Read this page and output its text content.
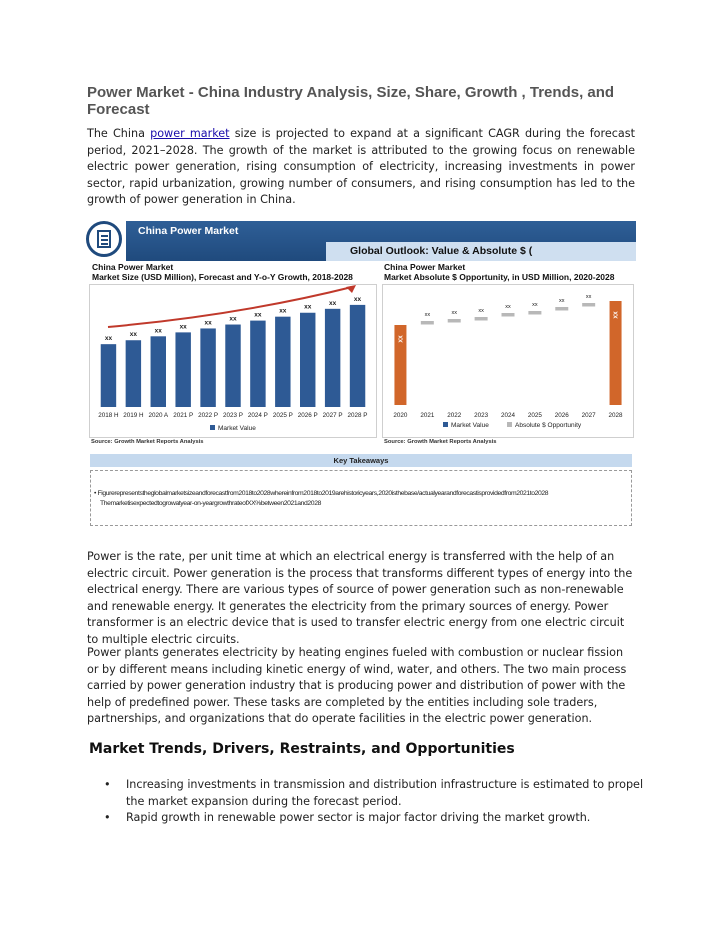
Power Market - China Industry Analysis, Size, Share, Growth , Trends, and Forecast
The China power market size is projected to expand at a significant CAGR during the forecast period, 2021–2028. The growth of the market is attributed to the growing focus on renewable electric power generation, rising consumption of electricity, increasing investments in power sector, rapid urbanization, growing number of consumers, and rising consumption has led to the growth of power generation in China.
China Power Market
Global Outlook: Value & Absolute $ (
China Power Market
Market Size (USD Million), Forecast and Y-o-Y Growth, 2018-2028
xx
2018 H
xx
2019 H
xx
2020 A
xx
2021 P
xx
2022 P
xx
2023 P
xx
2024 P
xx
2025 P
xx
2026 P
xx
2027 P
xx
2028 P
Market Value
Source: Growth Market Reports Analysis
China Power Market
Market Absolute $ Opportunity, in USD Million, 2020-2028
XX
2020
xx
2021
xx
2022
xx
2023
xx
2024
xx
2025
xx
2026
xx
2027
XX
2028
Market Value	Absolute $ Opportunity
Source: Growth Market Reports Analysis
Key Takeaways
• Figurerepresentstheglobalmarketsizeandforecastfrom2018to2028whereinfrom2018to2019arehistoricyears,2020isthebase/actualyearandforecastisprovidedfrom2021to2028
Themarketisexpectedtogrowatyear-on-yeargrowthrateofXX%between2021and2028
Power is the rate, per unit time at which an electrical energy is transferred with the help of an electric circuit. Power generation is the process that transforms different types of energy into the electrical energy. There are various types of source of power generation such as non-renewable and renewable energy. It generates the electricity from the primary sources of energy. Power transformer is an electric device that is used to transfer electric energy from one electric circuit to multiple electric circuits.
Power plants generates electricity by heating engines fueled with combustion or nuclear fission or by different means including kinetic energy of wind, water, and others. The two main process carried by power generation industry that is producing power and distribution of power with the help of predefined power. These tasks are completed by the entities including sole traders, partnerships, and organizations that do operate facilities in the electric power generation.
Market Trends, Drivers, Restraints, and Opportunities
• Increasing investments in transmission and distribution infrastructure is estimated to propel the market expansion during the forecast period.
• Rapid growth in renewable power sector is major factor driving the market growth.
